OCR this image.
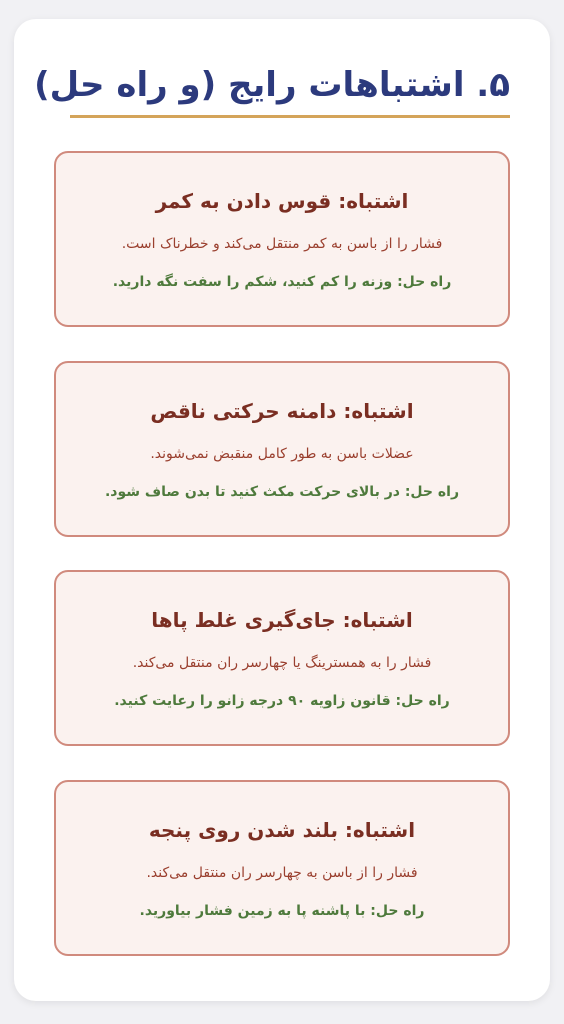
۵. اشتباهات رایج (و راه حل)
اشتباه: قوس دادن به کمر
فشار را از باسن به کمر منتقل می‌کند و خطرناک است.
راه حل: وزنه را کم کنید، شکم را سفت نگه دارید.
اشتباه: دامنه حرکتی ناقص
عضلات باسن به طور کامل منقبض نمی‌شوند.
راه حل: در بالای حرکت مکث کنید تا بدن صاف شود.
اشتباه: جای‌گیری غلط پاها
فشار را به همسترینگ یا چهارسر ران منتقل می‌کند.
راه حل: قانون زاویه ۹۰ درجه زانو را رعایت کنید.
اشتباه: بلند شدن روی پنجه
فشار را از باسن به چهارسر ران منتقل می‌کند.
راه حل: با پاشنه پا به زمین فشار بیاورید.
